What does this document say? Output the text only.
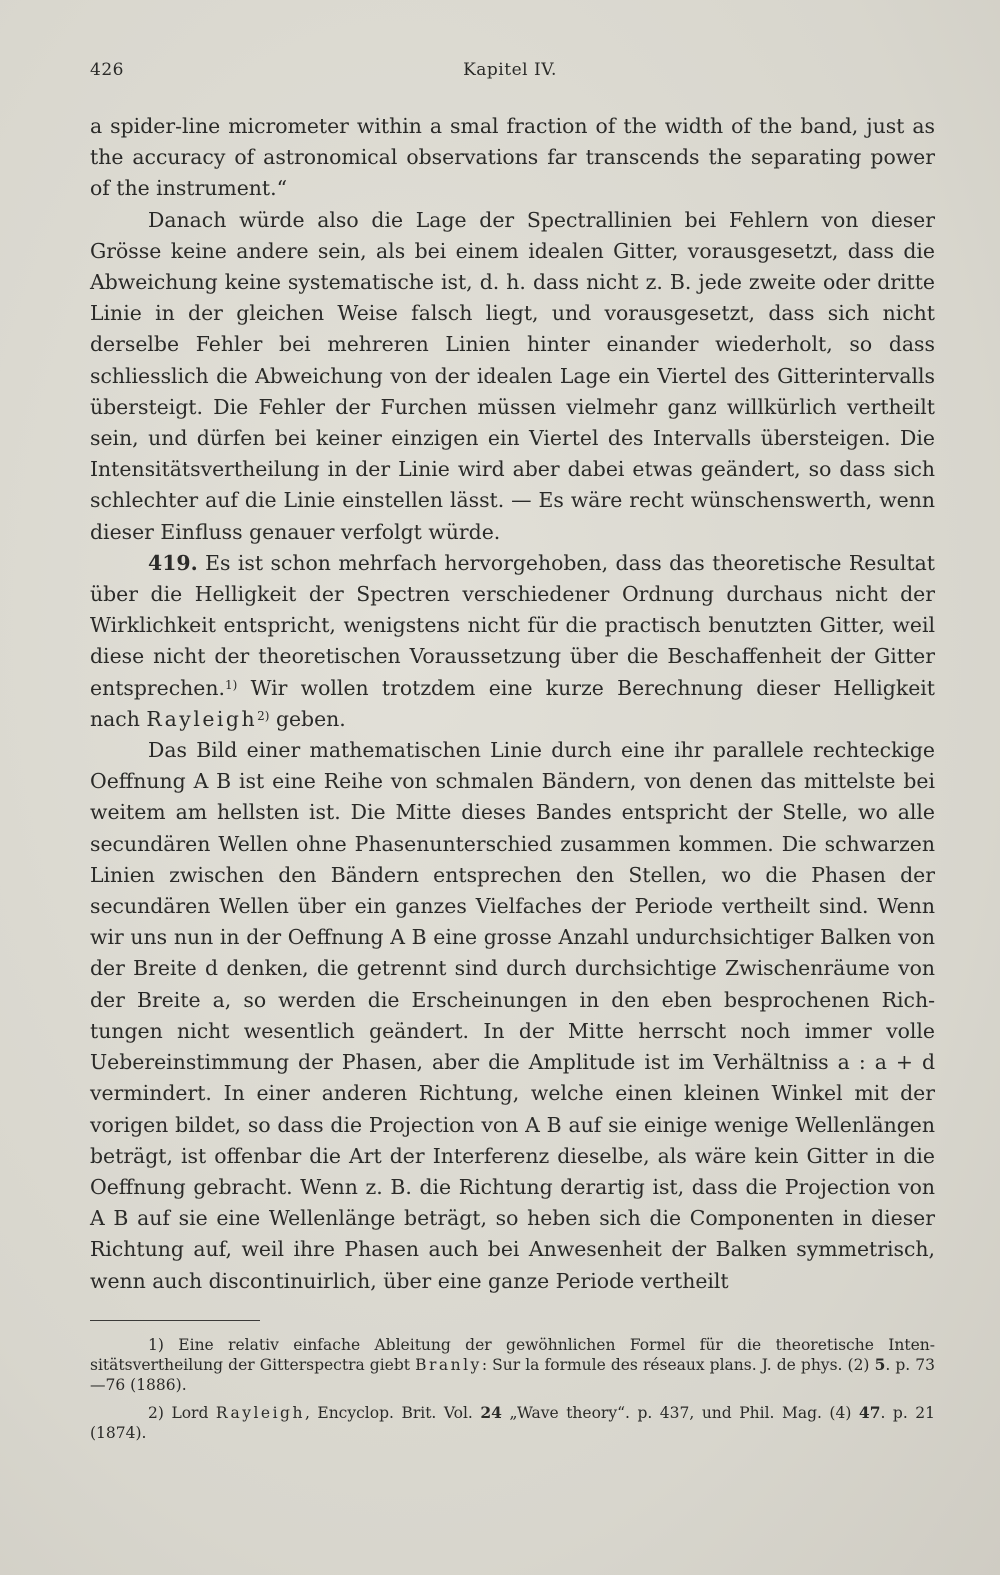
426	Kapitel IV.

a spider-line micrometer within a smal fraction of the width of the band, just as the accuracy of astronomical observations far transcends the separating power of the instrument.“

Danach würde also die Lage der Spectrallinien bei Fehlern von dieser Grösse keine andere sein, als bei einem idealen Gitter, vorausgesetzt, dass die Abweichung keine systematische ist, d. h. dass nicht z. B. jede zweite oder dritte Linie in der gleichen Weise falsch liegt, und vorausgesetzt, dass sich nicht derselbe Fehler bei mehreren Linien hinter einander wiederholt, so dass schliesslich die Abweichung von der idealen Lage ein Viertel des Gitterintervalls übersteigt. Die Fehler der Furchen müssen vielmehr ganz willkürlich vertheilt sein, und dürfen bei keiner einzigen ein Viertel des Intervalls übersteigen. Die Intensitätsvertheilung in der Linie wird aber dabei etwas geändert, so dass sich schlechter auf die Linie einstellen lässt. — Es wäre recht wünschenswerth, wenn dieser Einfluss genauer verfolgt würde.

419. Es ist schon mehrfach hervorgehoben, dass das theoretische Resultat über die Helligkeit der Spectren verschiedener Ordnung durchaus nicht der Wirklichkeit entspricht, wenigstens nicht für die practisch benutzten Gitter, weil diese nicht der theoretischen Voraussetzung über die Beschaffenheit der Gitter entsprechen.$^{1)}$ Wir wollen trotzdem eine kurze Berechnung dieser Helligkeit nach Rayleigh$^{2)}$ geben.

Das Bild einer mathematischen Linie durch eine ihr parallele rechteckige Oeffnung A B ist eine Reihe von schmalen Bändern, von denen das mittelste bei weitem am hellsten ist. Die Mitte dieses Bandes entspricht der Stelle, wo alle secundären Wellen ohne Phasenunterschied zusammen kommen. Die schwarzen Linien zwischen den Bändern entsprechen den Stellen, wo die Phasen der secundären Wellen über ein ganzes Vielfaches der Periode vertheilt sind. Wenn wir uns nun in der Oeffnung A B eine grosse Anzahl undurchsichtiger Balken von der Breite d denken, die getrennt sind durch durchsichtige Zwischenräume von der Breite a, so werden die Erscheinungen in den eben besprochenen Richtungen nicht wesentlich geändert. In der Mitte herrscht noch immer volle Uebereinstimmung der Phasen, aber die Amplitude ist im Verhältniss a : a + d vermindert. In einer anderen Richtung, welche einen kleinen Winkel mit der vorigen bildet, so dass die Projection von A B auf sie einige wenige Wellenlängen beträgt, ist offenbar die Art der Interferenz dieselbe, als wäre kein Gitter in die Oeffnung gebracht. Wenn z. B. die Richtung derartig ist, dass die Projection von A B auf sie eine Wellenlänge beträgt, so heben sich die Componenten in dieser Richtung auf, weil ihre Phasen auch bei Anwesenheit der Balken symmetrisch, wenn auch discontinuirlich, über eine ganze Periode vertheilt

1) Eine relativ einfache Ableitung der gewöhnlichen Formel für die theoretische Intensitätsvertheilung der Gitterspectra giebt Branly: Sur la formule des réseaux plans. J. de phys. (2) 5. p. 73—76 (1886).

2) Lord Rayleigh, Encyclop. Brit. Vol. 24 „Wave theory“. p. 437, und Phil. Mag. (4) 47. p. 21 (1874).
